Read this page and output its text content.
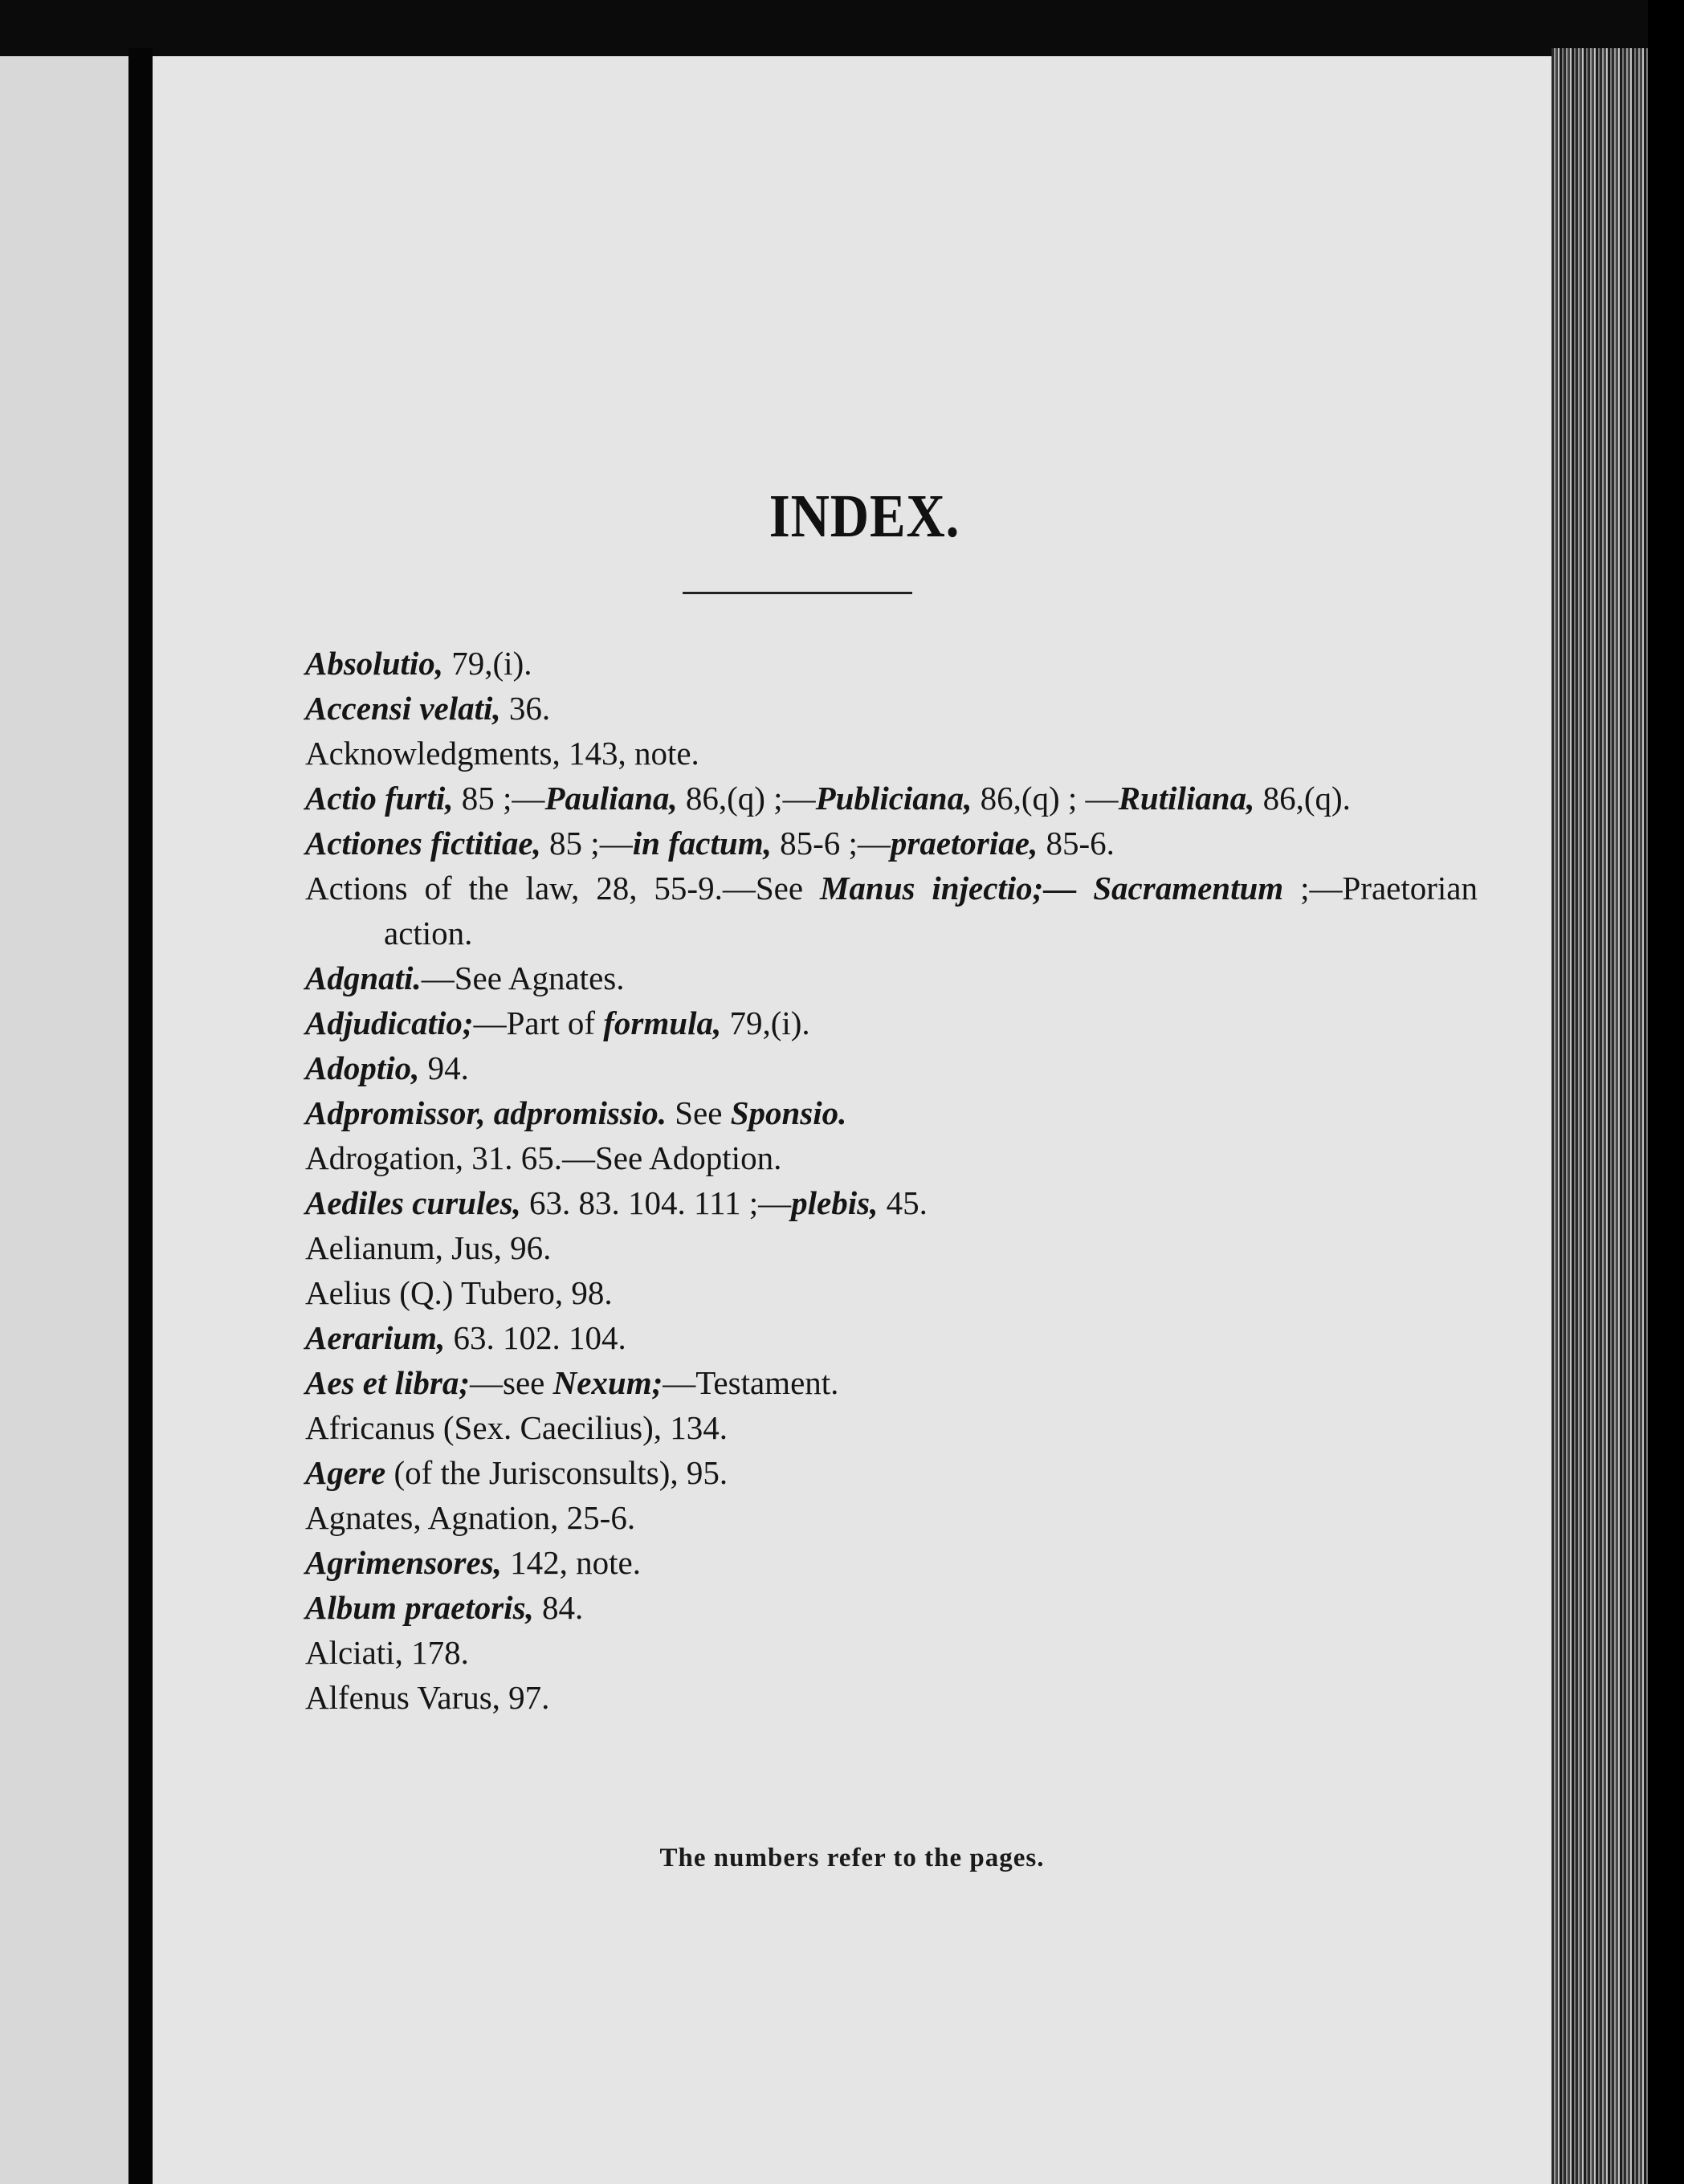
INDEX.
Absolutio, 79,(i).
Accensi velati, 36.
Acknowledgments, 143, note.
Actio furti, 85 ;—Pauliana, 86,(q) ;—Publiciana, 86,(q) ; —Rutiliana, 86,(q).
Actiones fictitiae, 85 ;—in factum, 85-6 ;—praetoriae, 85-6.
Actions of the law, 28, 55-9.—See Manus injectio;— Sacramentum ;—Praetorian action.
Adgnati.—See Agnates.
Adjudicatio;—Part of formula, 79,(i).
Adoptio, 94.
Adpromissor, adpromissio. See Sponsio.
Adrogation, 31. 65.—See Adoption.
Aediles curules, 63. 83. 104. 111 ;—plebis, 45.
Aelianum, Jus, 96.
Aelius (Q.) Tubero, 98.
Aerarium, 63. 102. 104.
Aes et libra;—see Nexum;—Testament.
Africanus (Sex. Caecilius), 134.
Agere (of the Jurisconsults), 95.
Agnates, Agnation, 25-6.
Agrimensores, 142, note.
Album praetoris, 84.
Alciati, 178.
Alfenus Varus, 97.
The numbers refer to the pages.
